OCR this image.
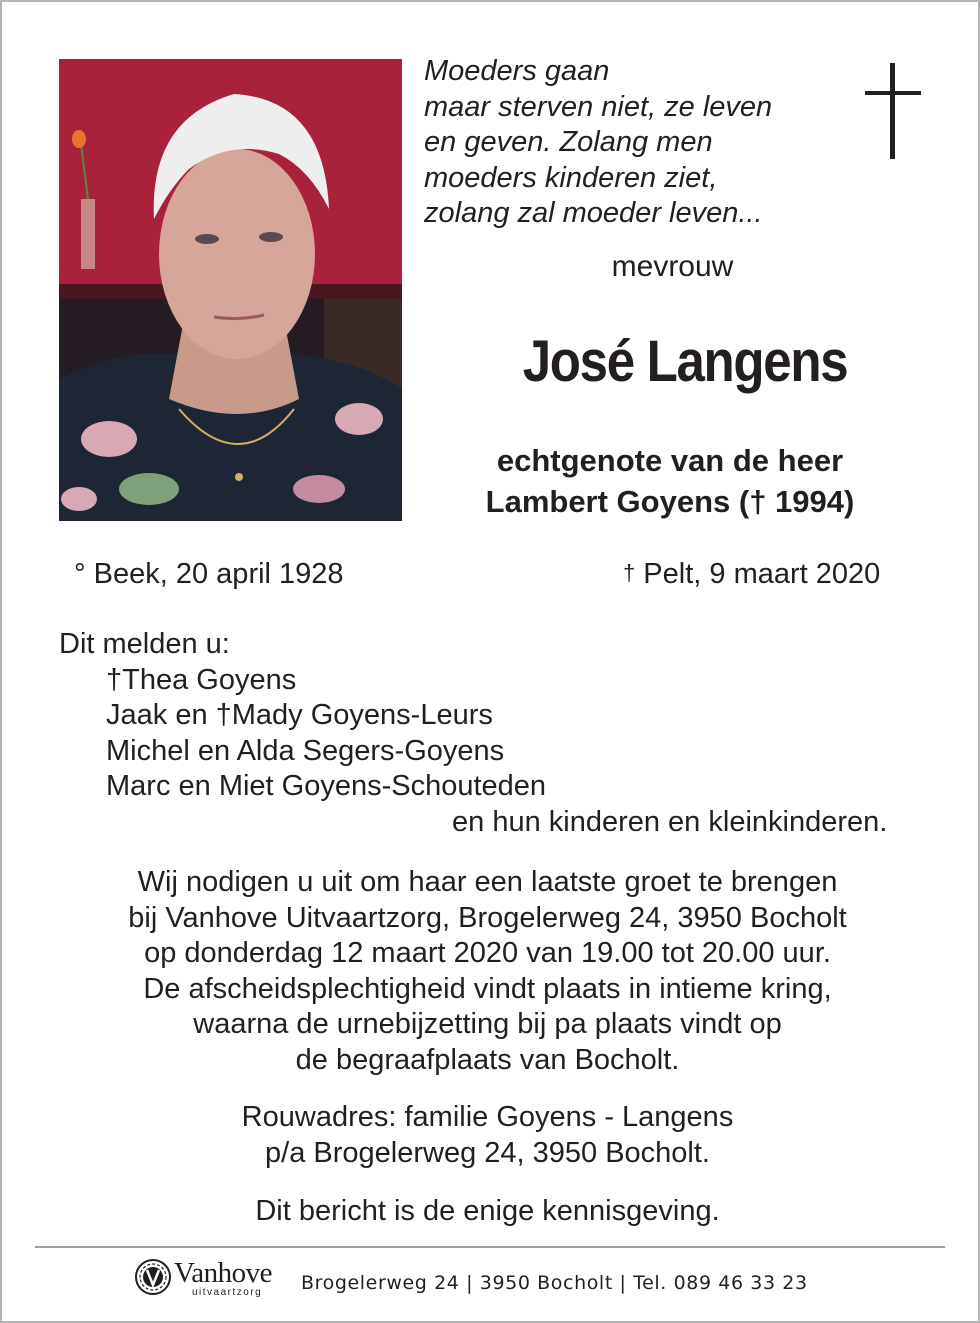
Moeders gaan
maar sterven niet, ze leven
en geven. Zolang men
moeders kinderen ziet,
zolang zal moeder leven...
mevrouw
José Langens
echtgenote van de heer
Lambert Goyens († 1994)
° Beek, 20 april 1928	† Pelt, 9 maart 2020
Dit melden u:
†Thea Goyens
Jaak en †Mady Goyens-Leurs
Michel en Alda Segers-Goyens
Marc en Miet Goyens-Schouteden
en hun kinderen en kleinkinderen.
Wij nodigen u uit om haar een laatste groet te brengen
bij Vanhove Uitvaartzorg, Brogelerweg 24, 3950 Bocholt
op donderdag 12 maart 2020 van 19.00 tot 20.00 uur.
De afscheidsplechtigheid vindt plaats in intieme kring,
waarna de urnebijzetting bij pa plaats vindt op
de begraafplaats van Bocholt.
Rouwadres: familie Goyens - Langens
p/a Brogelerweg 24, 3950 Bocholt.
Dit bericht is de enige kennisgeving.
Vanhove
uitvaartzorg Brogelerweg 24 | 3950 Bocholt | Tel. 089 46 33 23
